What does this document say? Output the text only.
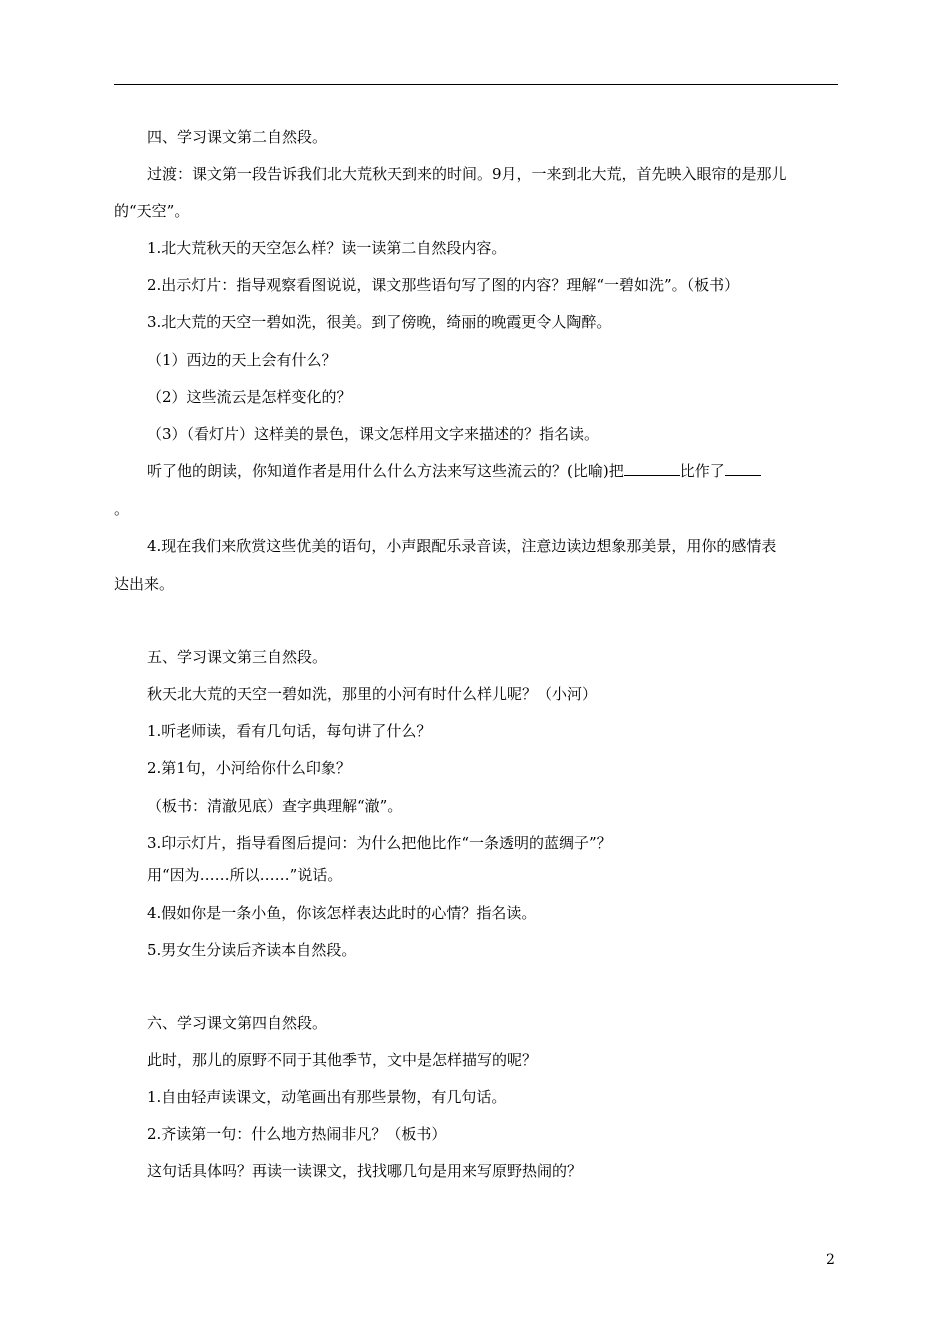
四、学习课文第二自然段。
过渡：课文第一段告诉我们北大荒秋天到来的时间。9月，一来到北大荒，首先映入眼帘的是那儿
的“天空”。
1.北大荒秋天的天空怎么样？读一读第二自然段内容。
2.出示灯片：指导观察看图说说，课文那些语句写了图的内容？理解“一碧如洗”。（板书）
3.北大荒的天空一碧如洗，很美。到了傍晚，绮丽的晚霞更令人陶醉。
（1）西边的天上会有什么？
（2）这些流云是怎样变化的？
（3）（看灯片）这样美的景色，课文怎样用文字来描述的？指名读。
听了他的朗读，你知道作者是用什么什么方法来写这些流云的？(比喻)把	比作了
。
4.现在我们来欣赏这些优美的语句，小声跟配乐录音读，注意边读边想象那美景，用你的感情表
达出来。
五、学习课文第三自然段。
秋天北大荒的天空一碧如洗，那里的小河有时什么样儿呢？（小河）
1.听老师读，看有几句话，每句讲了什么？
2.第1句，小河给你什么印象？
（板书：清澈见底）查字典理解“澈”。
3.印示灯片，指导看图后提问：为什么把他比作“一条透明的蓝绸子”？
用“因为……所以……”说话。
4.假如你是一条小鱼，你该怎样表达此时的心情？指名读。
5.男女生分读后齐读本自然段。
六、学习课文第四自然段。
此时，那儿的原野不同于其他季节，文中是怎样描写的呢？
1.自由轻声读课文，动笔画出有那些景物，有几句话。
2.齐读第一句：什么地方热闹非凡？（板书）
这句话具体吗？再读一读课文，找找哪几句是用来写原野热闹的？
2
